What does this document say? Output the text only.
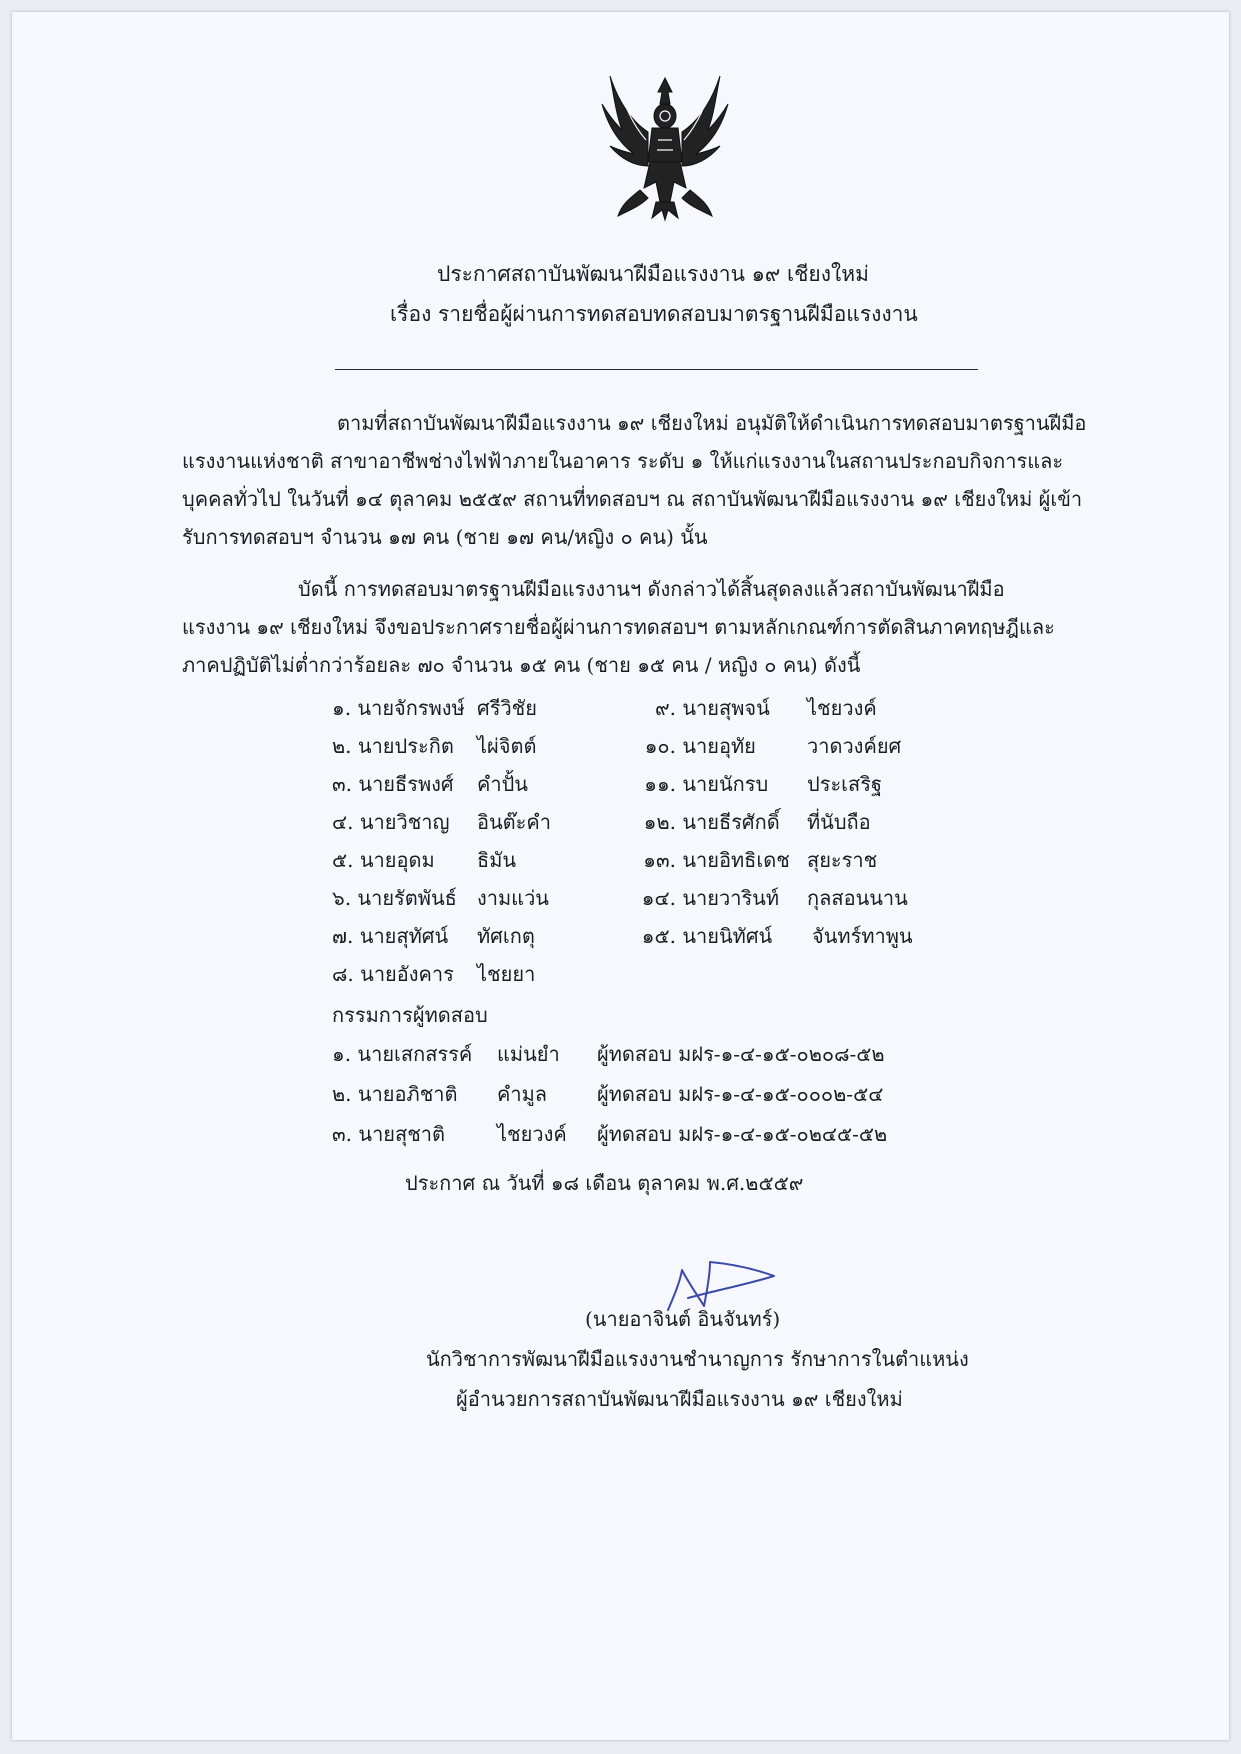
ประกาศสถาบันพัฒนาฝีมือแรงงาน ๑๙ เชียงใหม่
เรื่อง รายชื่อผู้ผ่านการทดสอบทดสอบมาตรฐานฝีมือแรงงาน
ตามที่สถาบันพัฒนาฝีมือแรงงาน ๑๙ เชียงใหม่ อนุมัติให้ดำเนินการทดสอบมาตรฐานฝีมือ
แรงงานแห่งชาติ สาขาอาชีพช่างไฟฟ้าภายในอาคาร ระดับ ๑ ให้แก่แรงงานในสถานประกอบกิจการและ
บุคคลทั่วไป ในวันที่ ๑๔ ตุลาคม ๒๕๕๙ สถานที่ทดสอบฯ ณ สถาบันพัฒนาฝีมือแรงงาน ๑๙ เชียงใหม่ ผู้เข้า
รับการทดสอบฯ จำนวน ๑๗ คน (ชาย ๑๗ คน/หญิง ๐ คน) นั้น
บัดนี้ การทดสอบมาตรฐานฝีมือแรงงานฯ ดังกล่าวได้สิ้นสุดลงแล้วสถาบันพัฒนาฝีมือ
แรงงาน ๑๙ เชียงใหม่ จึงขอประกาศรายชื่อผู้ผ่านการทดสอบฯ ตามหลักเกณฑ์การตัดสินภาคทฤษฎีและ
ภาคปฏิบัติไม่ต่ำกว่าร้อยละ ๗๐ จำนวน ๑๕ คน (ชาย ๑๕ คน / หญิง ๐ คน) ดังนี้
๑. นายจักรพงษ์ ศรีวิชัย
๒. นายประกิต ไผ่จิตต์
๓. นายธีรพงศ์ คำปั้น
๔. นายวิชาญ อินต๊ะคำ
๕. นายอุดม ธิมัน
๖. นายรัตพันธ์ งามแว่น
๗. นายสุทัศน์ ทัศเกตุ
๘. นายอังคาร ไชยยา
๙. นายสุพจน์ ไชยวงค์
๑๐. นายอุทัย	วาดวงค์ยศ
๑๑. นายนักรบ ประเสริฐ
๑๒. นายธีรศักดิ์ ที่นับถือ
๑๓. นายอิทธิเดช สุยะราช
๑๔. นายวารินท์ กุลสอนนาน
๑๕. นายนิทัศน์ จันทร์ทาพูน
กรรมการผู้ทดสอบ
๑. นายเสกสรรค์ แม่นยำ ผู้ทดสอบ มฝร-๑-๔-๑๕-๐๒๐๘-๕๒
๒. นายอภิชาติ คำมูล ผู้ทดสอบ มฝร-๑-๔-๑๕-๐๐๐๒-๕๔
๓. นายสุชาติ	ไชยวงค์ ผู้ทดสอบ มฝร-๑-๔-๑๕-๐๒๔๕-๕๒
ประกาศ ณ วันที่ ๑๘ เดือน ตุลาคม พ.ศ.๒๕๕๙
(นายอาจินต์ อินจันทร์)
นักวิชาการพัฒนาฝีมือแรงงานชำนาญการ รักษาการในตำแหน่ง
ผู้อำนวยการสถาบันพัฒนาฝีมือแรงงาน ๑๙ เชียงใหม่
